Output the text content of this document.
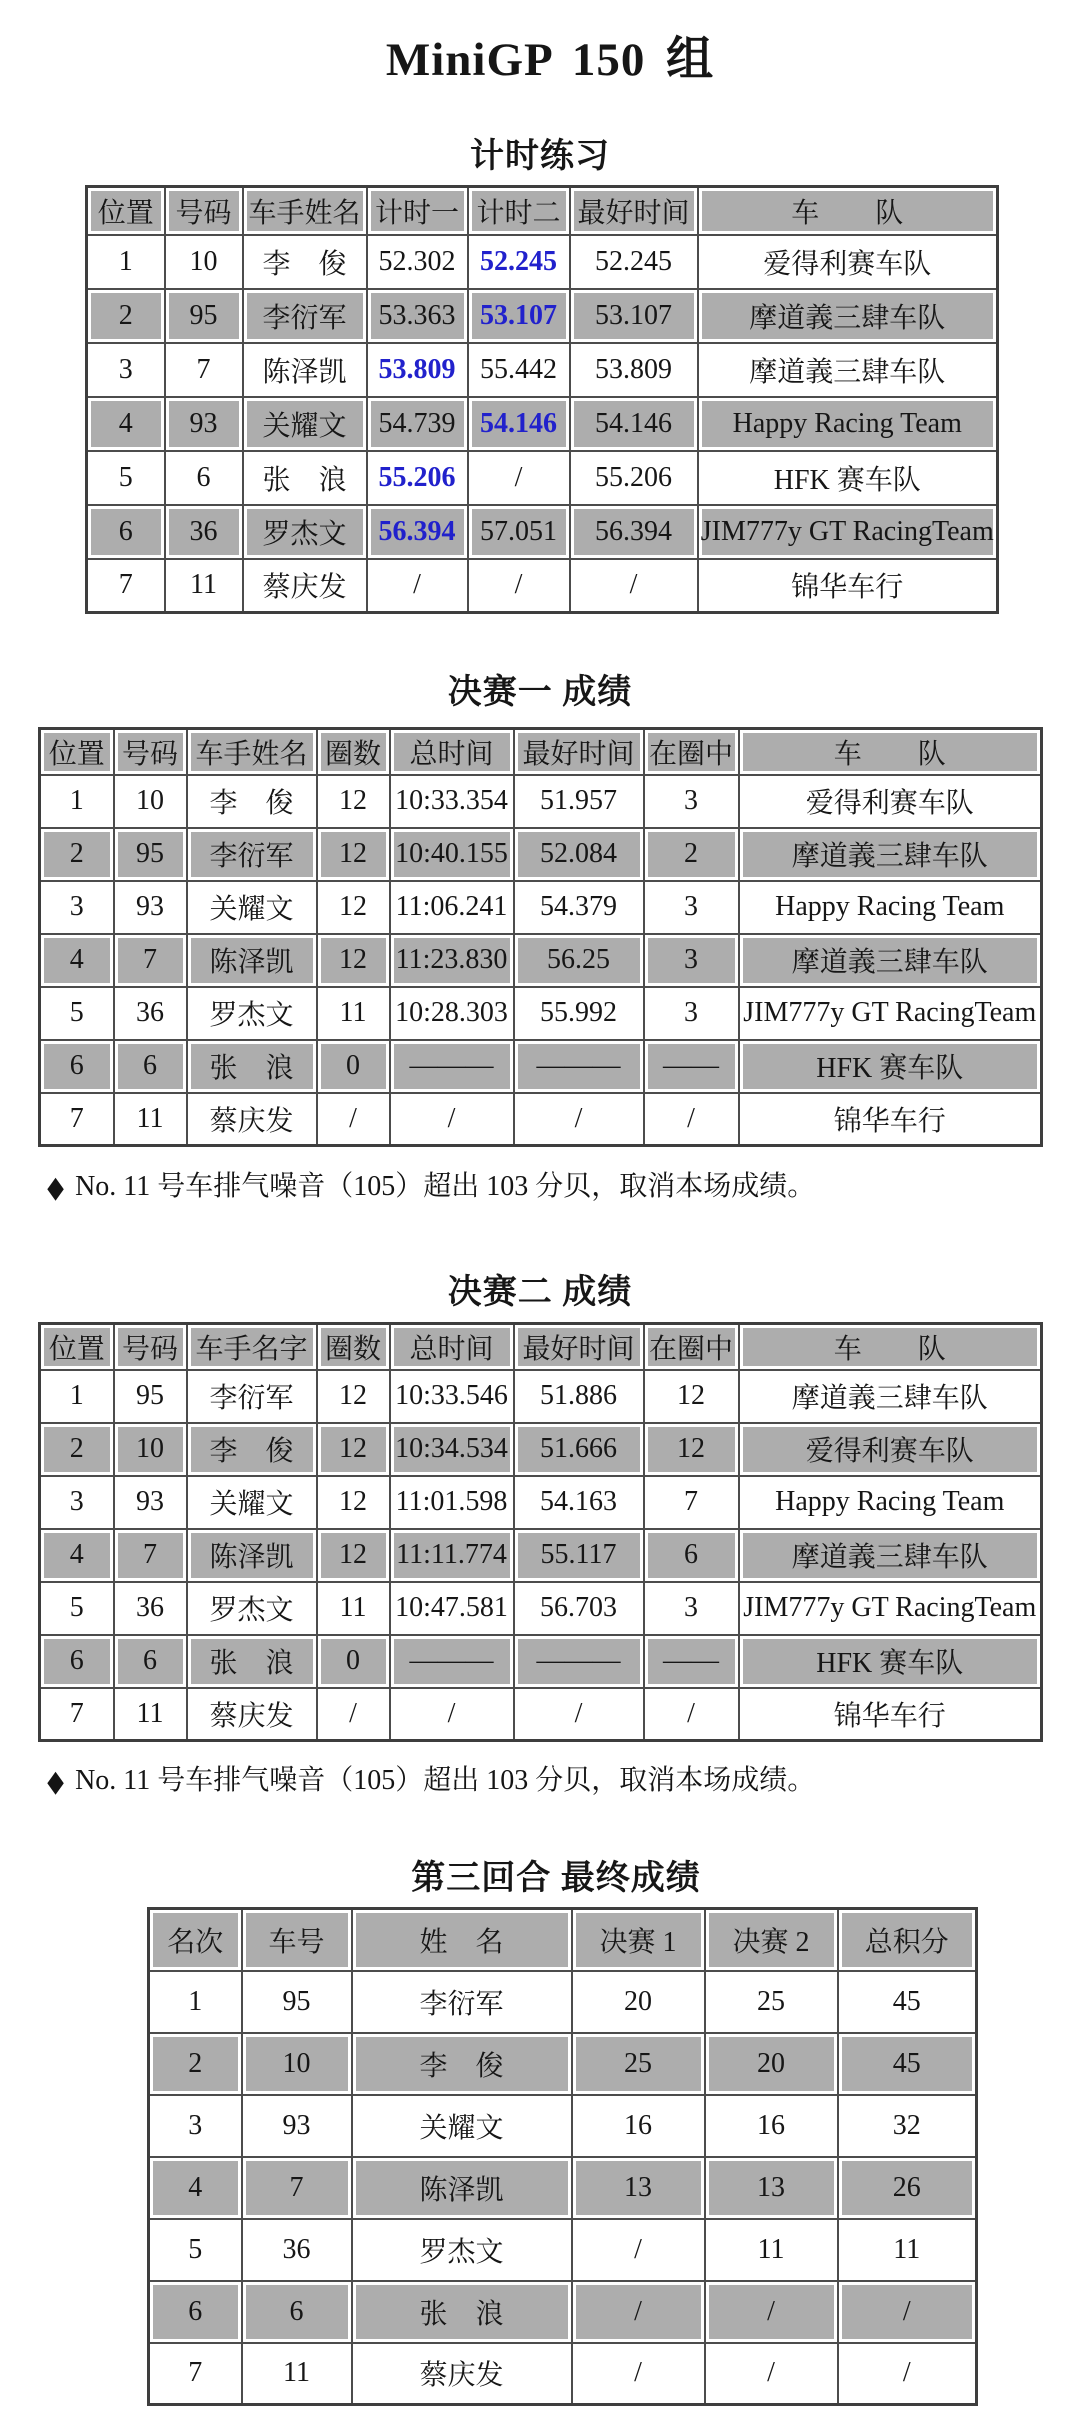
MiniGP 150 组
计时练习
位置	号码	车手姓名	计时一	计时二	最好时间	车　　队
1	10	李　俊	52.302	52.245	52.245	爱得利赛车队
2	95	李衍军	53.363	53.107	53.107	摩道義三肆车队
3	7	陈泽凯	53.809	55.442	53.809	摩道義三肆车队
4	93	关耀文	54.739	54.146	54.146	Happy Racing Team
5	6	张　浪	55.206	/	55.206	HFK 赛车队
6	36	罗杰文	56.394	57.051	56.394	JIM777y GT RacingTeam
7	11	蔡庆发	/	/	/	锦华车行
决赛一 成绩
位置	号码	车手姓名	圈数	总时间	最好时间	在圈中	车　　队
1	10	李　俊	12	10:33.354	51.957	3	爱得利赛车队
2	95	李衍军	12	10:40.155	52.084	2	摩道義三肆车队
3	93	关耀文	12	11:06.241	54.379	3	Happy Racing Team
4	7	陈泽凯	12	11:23.830	56.25	3	摩道義三肆车队
5	36	罗杰文	11	10:28.303	55.992	3	JIM777y GT RacingTeam
6	6	张　浪	0	———	———	——	HFK 赛车队
7	11	蔡庆发	/	/	/	/	锦华车行
◆ No. 11 号车排气噪音（105）超出 103 分贝，取消本场成绩。
决赛二 成绩
位置	号码	车手名字	圈数	总时间	最好时间	在圈中	车　　队
1	95	李衍军	12	10:33.546	51.886	12	摩道義三肆车队
2	10	李　俊	12	10:34.534	51.666	12	爱得利赛车队
3	93	关耀文	12	11:01.598	54.163	7	Happy Racing Team
4	7	陈泽凯	12	11:11.774	55.117	6	摩道義三肆车队
5	36	罗杰文	11	10:47.581	56.703	3	JIM777y GT RacingTeam
6	6	张　浪	0	———	———	——	HFK 赛车队
7	11	蔡庆发	/	/	/	/	锦华车行
◆ No. 11 号车排气噪音（105）超出 103 分贝，取消本场成绩。
第三回合 最终成绩
名次	车号	姓　名	决赛 1	决赛 2	总积分
1	95	李衍军	20	25	45
2	10	李　俊	25	20	45
3	93	关耀文	16	16	32
4	7	陈泽凯	13	13	26
5	36	罗杰文	/	11	11
6	6	张　浪	/	/	/
7	11	蔡庆发	/	/	/
